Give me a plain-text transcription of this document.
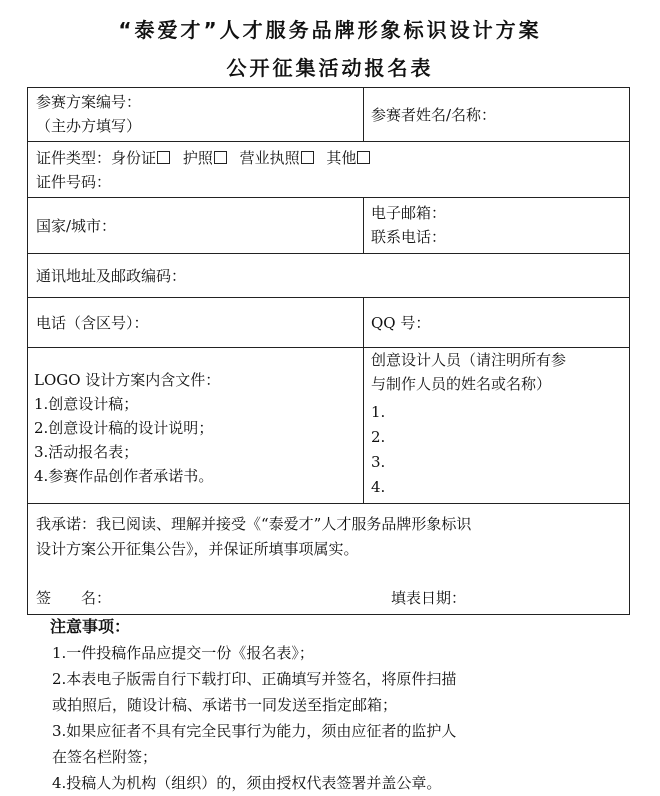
“泰爱才”人才服务品牌形象标识设计方案
公开征集活动报名表
参赛方案编号：
（主办方填写）
参赛者姓名/名称：
证件类型：身份证 护照 营业执照 其他
证件号码：
国家/城市：
电子邮箱：
联系电话：
通讯地址及邮政编码：
电话（含区号）：	QQ 号：
LOGO 设计方案内含文件：
1.创意设计稿；
2.创意设计稿的设计说明；
3.活动报名表；
4.参赛作品创作者承诺书。
创意设计人员（请注明所有参
与制作人员的姓名或名称）
1.
2.
3.
4.
我承诺：我已阅读、理解并接受《“泰爱才”人才服务品牌形象标识
设计方案公开征集公告》，并保证所填事项属实。
签　　名：	填表日期：
注意事项：
1.一件投稿作品应提交一份《报名表》；
2.本表电子版需自行下载打印、正确填写并签名，将原件扫描
或拍照后，随设计稿、承诺书一同发送至指定邮箱；
3.如果应征者不具有完全民事行为能力，须由应征者的监护人
在签名栏附签；
4.投稿人为机构（组织）的，须由授权代表签署并盖公章。
